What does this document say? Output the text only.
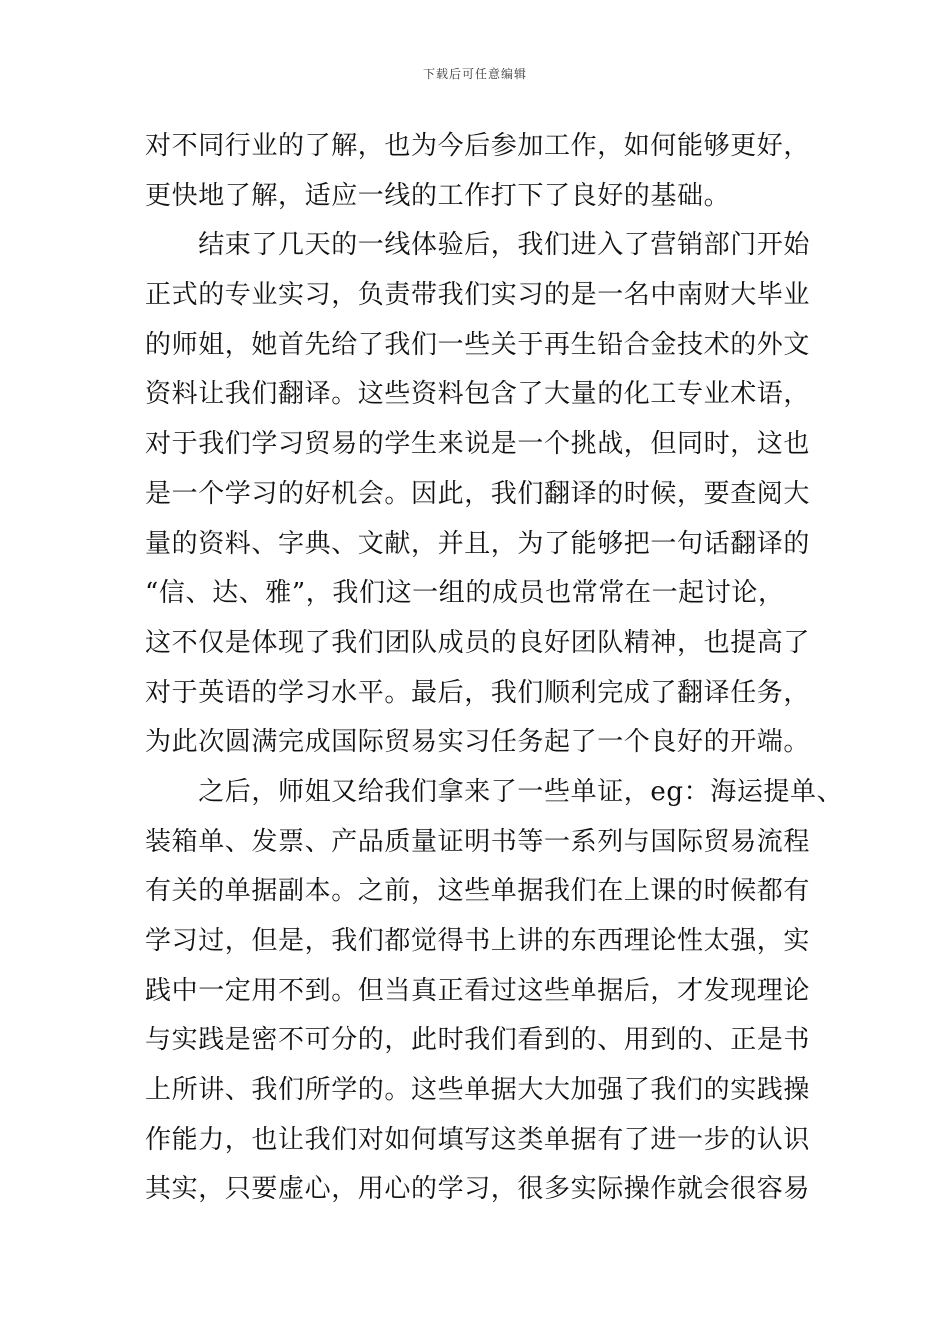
下载后可任意编辑
对不同行业的了解，也为今后参加工作，如何能够更好，
更快地了解，适应一线的工作打下了良好的基础。
　　结束了几天的一线体验后，我们进入了营销部门开始
正式的专业实习，负责带我们实习的是一名中南财大毕业
的师姐，她首先给了我们一些关于再生铅合金技术的外文
资料让我们翻译。这些资料包含了大量的化工专业术语，
对于我们学习贸易的学生来说是一个挑战，但同时，这也
是一个学习的好机会。因此，我们翻译的时候，要查阅大
量的资料、字典、文献，并且，为了能够把一句话翻译的
“信、达、雅”，我们这一组的成员也常常在一起讨论，
这不仅是体现了我们团队成员的良好团队精神，也提高了
对于英语的学习水平。最后，我们顺利完成了翻译任务，
为此次圆满完成国际贸易实习任务起了一个良好的开端。
　　之后，师姐又给我们拿来了一些单证，eg：海运提单、
装箱单、发票、产品质量证明书等一系列与国际贸易流程
有关的单据副本。之前，这些单据我们在上课的时候都有
学习过，但是，我们都觉得书上讲的东西理论性太强，实
践中一定用不到。但当真正看过这些单据后，才发现理论
与实践是密不可分的，此时我们看到的、用到的、正是书
上所讲、我们所学的。这些单据大大加强了我们的实践操
作能力，也让我们对如何填写这类单据有了进一步的认识
其实，只要虚心，用心的学习，很多实际操作就会很容易
